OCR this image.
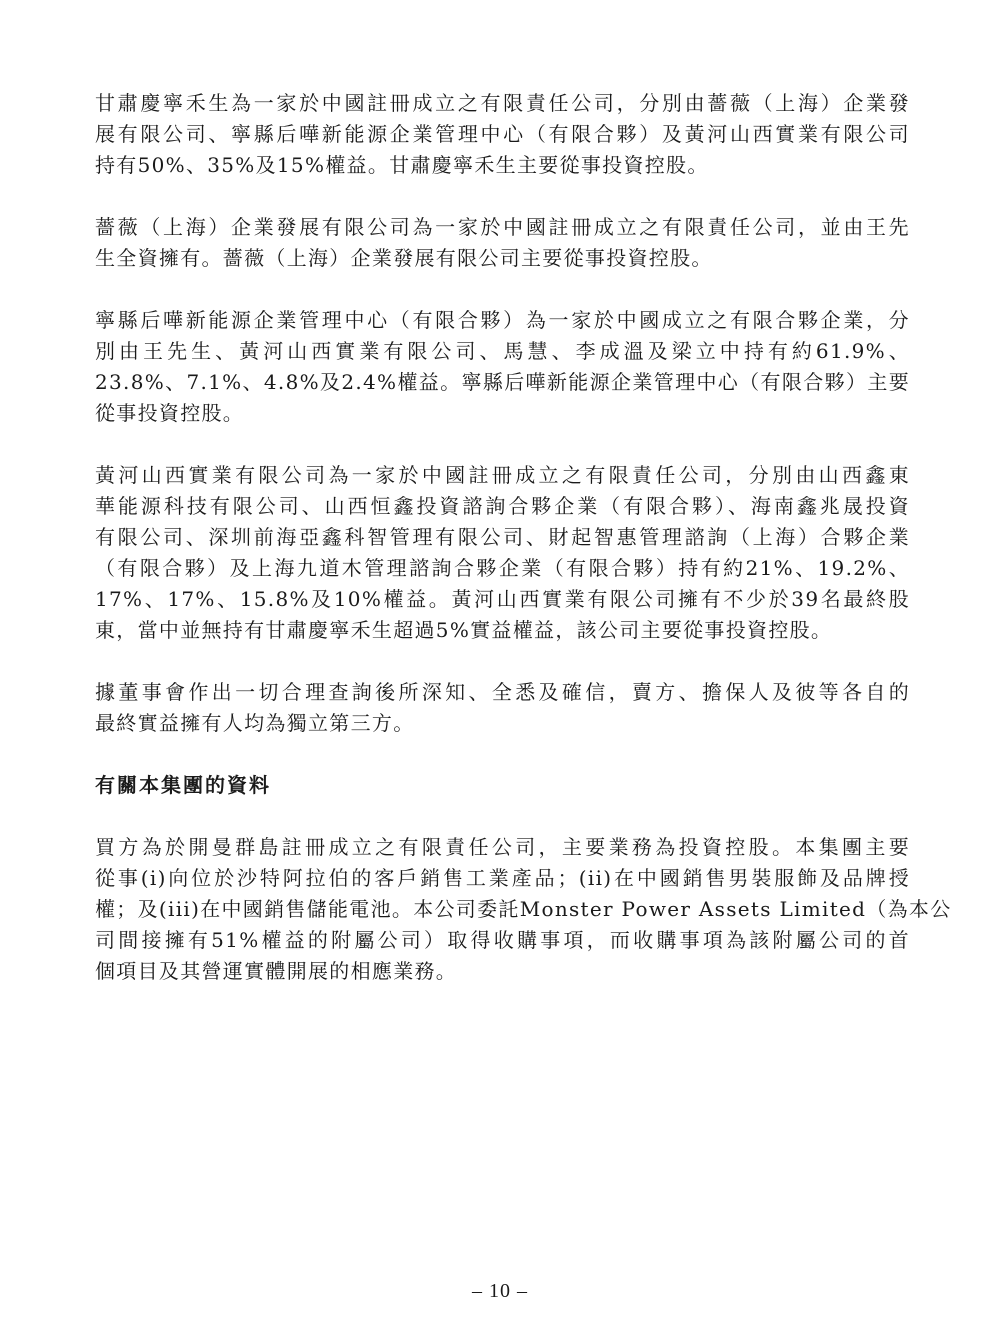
甘肅慶寧禾生為一家於中國註冊成立之有限責任公司，分別由薔薇（上海）企業發
展有限公司、寧縣后嘩新能源企業管理中心（有限合夥）及黃河山西實業有限公司
持有50%、35%及15%權益。甘肅慶寧禾生主要從事投資控股。

薔薇（上海）企業發展有限公司為一家於中國註冊成立之有限責任公司，並由王先
生全資擁有。薔薇（上海）企業發展有限公司主要從事投資控股。

寧縣后嘩新能源企業管理中心（有限合夥）為一家於中國成立之有限合夥企業，分
別由王先生、黃河山西實業有限公司、馬慧、李成溫及梁立中持有約61.9%、
23.8%、7.1%、4.8%及2.4%權益。寧縣后嘩新能源企業管理中心（有限合夥）主要
從事投資控股。

黃河山西實業有限公司為一家於中國註冊成立之有限責任公司，分別由山西鑫東
華能源科技有限公司、山西恒鑫投資諮詢合夥企業（有限合夥）、海南鑫兆晟投資
有限公司、深圳前海亞鑫科智管理有限公司、財起智惠管理諮詢（上海）合夥企業
（有限合夥）及上海九道木管理諮詢合夥企業（有限合夥）持有約21%、19.2%、
17%、17%、15.8%及10%權益。黃河山西實業有限公司擁有不少於39名最終股
東，當中並無持有甘肅慶寧禾生超過5%實益權益，該公司主要從事投資控股。

據董事會作出一切合理查詢後所深知、全悉及確信，賣方、擔保人及彼等各自的
最終實益擁有人均為獨立第三方。

有關本集團的資料

買方為於開曼群島註冊成立之有限責任公司，主要業務為投資控股。本集團主要
從事(i)向位於沙特阿拉伯的客戶銷售工業產品；(ii)在中國銷售男裝服飾及品牌授
權；及(iii)在中國銷售儲能電池。本公司委託Monster Power Assets Limited（為本公
司間接擁有51%權益的附屬公司）取得收購事項，而收購事項為該附屬公司的首
個項目及其營運實體開展的相應業務。

– 10 –
